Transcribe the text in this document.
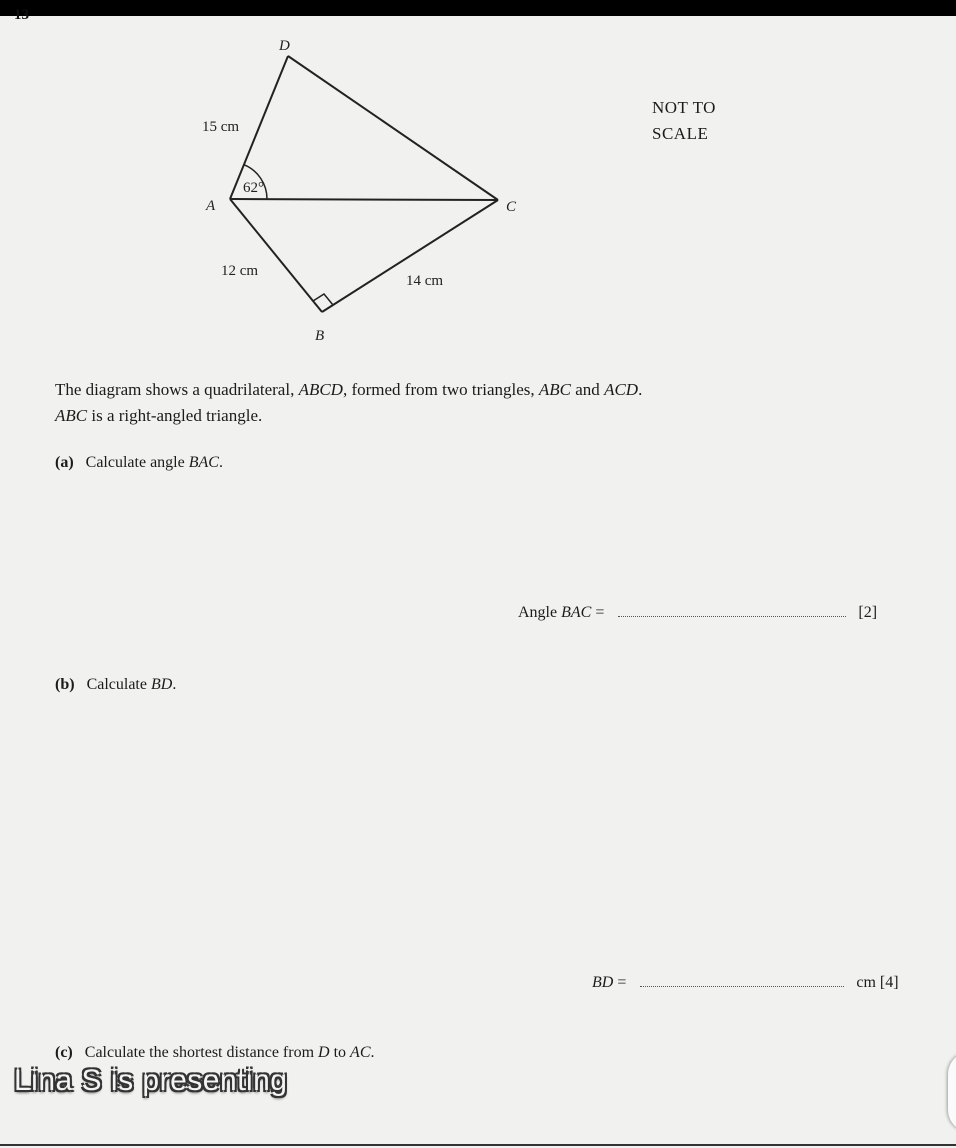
13
D
A	C
B
15 cm
12 cm
14 cm
62°
NOT TO
SCALE
The diagram shows a quadrilateral, ABCD, formed from two triangles, ABC and ACD.
ABC is a right-angled triangle.
(a) Calculate angle BAC.
Angle BAC =	[2]
(b) Calculate BD.
BD =	cm [4]
(c) Calculate the shortest distance from D to AC.
Lina S is presenting
